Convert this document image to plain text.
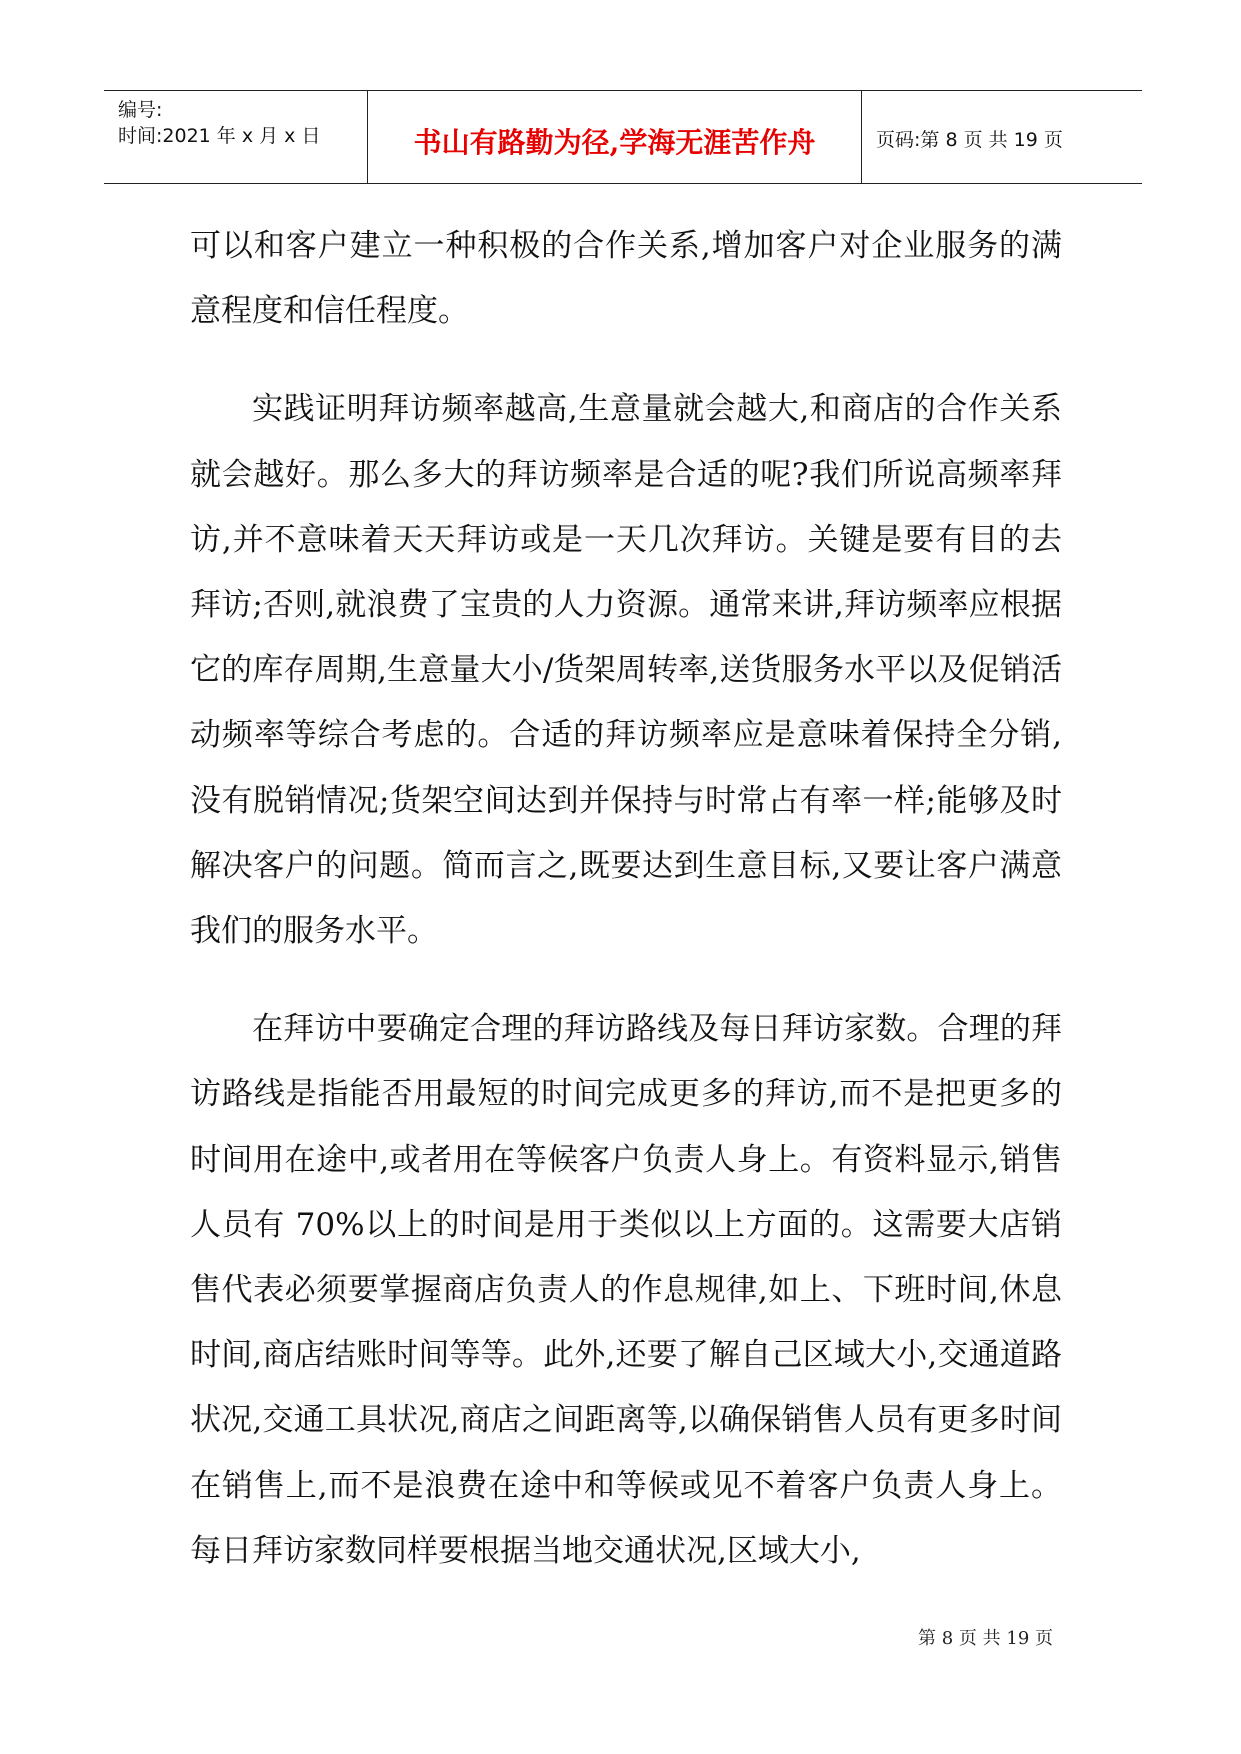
编号:
时间:2021 年 x 月 x 日	书山有路勤为径,学海无涯苦作舟	页码:第 8 页 共 19 页

可以和客户建立一种积极的合作关系,增加客户对企业服务的满意程度和信任程度。

实践证明拜访频率越高,生意量就会越大,和商店的合作关系就会越好。那么多大的拜访频率是合适的呢?我们所说高频率拜访,并不意味着天天拜访或是一天几次拜访。关键是要有目的去拜访;否则,就浪费了宝贵的人力资源。通常来讲,拜访频率应根据它的库存周期,生意量大小/货架周转率,送货服务水平以及促销活动频率等综合考虑的。合适的拜访频率应是意味着保持全分销,没有脱销情况;货架空间达到并保持与时常占有率一样;能够及时解决客户的问题。简而言之,既要达到生意目标,又要让客户满意我们的服务水平。

在拜访中要确定合理的拜访路线及每日拜访家数。合理的拜访路线是指能否用最短的时间完成更多的拜访,而不是把更多的时间用在途中,或者用在等候客户负责人身上。有资料显示,销售人员有 70%以上的时间是用于类似以上方面的。这需要大店销售代表必须要掌握商店负责人的作息规律,如上、下班时间,休息时间,商店结账时间等等。此外,还要了解自己区域大小,交通道路状况,交通工具状况,商店之间距离等,以确保销售人员有更多时间在销售上,而不是浪费在途中和等候或见不着客户负责人身上。每日拜访家数同样要根据当地交通状况,区域大小,

第 8 页 共 19 页
